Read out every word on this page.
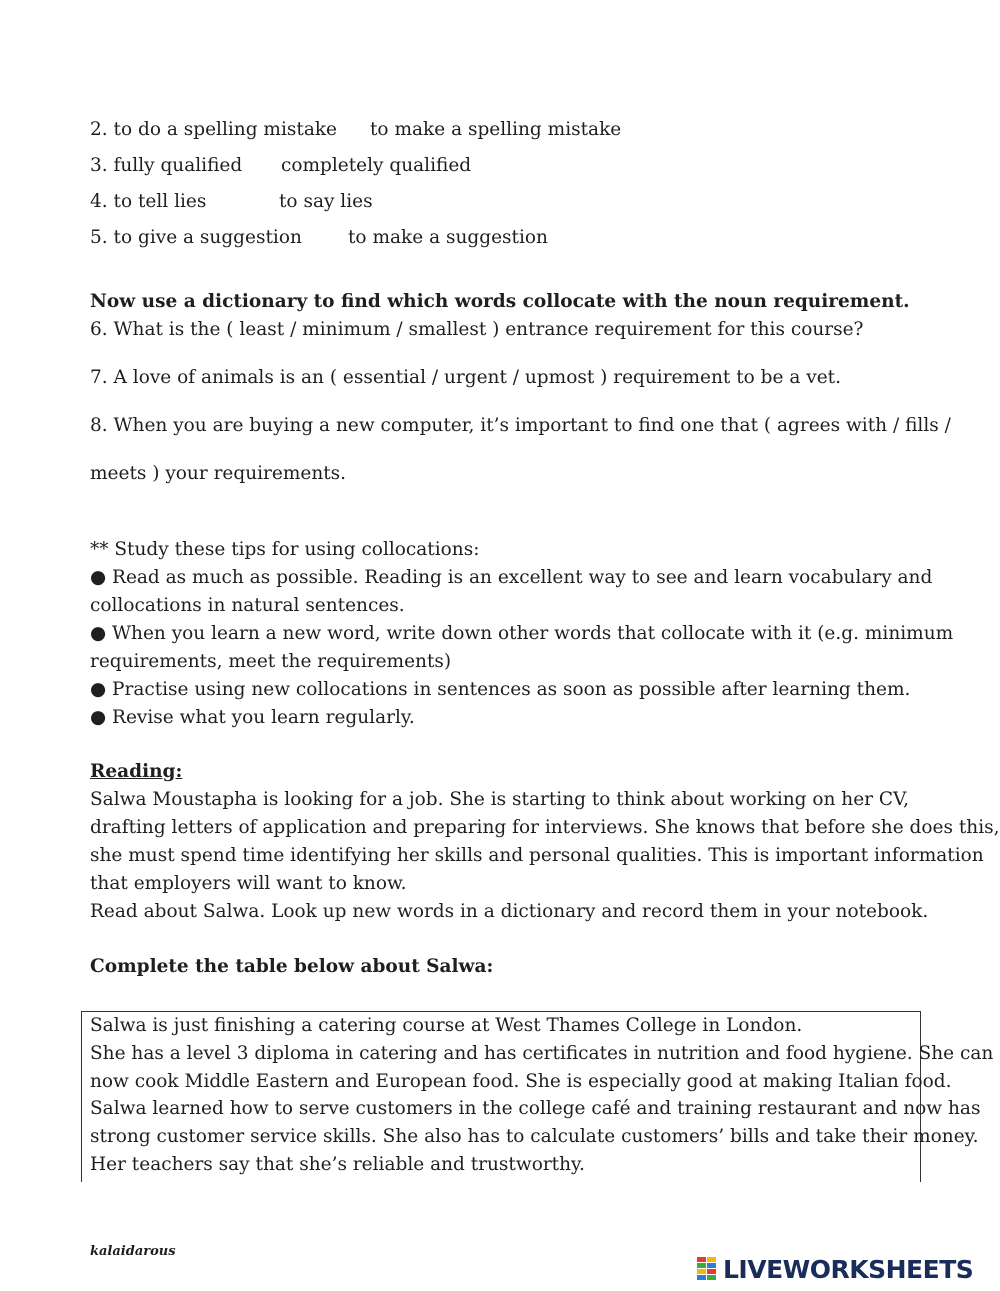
2. to do a spelling mistake to make a spelling mistake
3. fully qualified completely qualified
4. to tell lies	to say lies
5. to give a suggestion to make a suggestion
Now use a dictionary to find which words collocate with the noun requirement.
6. What is the ( least / minimum / smallest ) entrance requirement for this course?
7. A love of animals is an ( essential / urgent / upmost ) requirement to be a vet.
8. When you are buying a new computer, it’s important to find one that ( agrees with / fills /
meets ) your requirements.
** Study these tips for using collocations:
● Read as much as possible. Reading is an excellent way to see and learn vocabulary and
collocations in natural sentences.
● When you learn a new word, write down other words that collocate with it (e.g. minimum
requirements, meet the requirements)
● Practise using new collocations in sentences as soon as possible after learning them.
● Revise what you learn regularly.
Reading:
Salwa Moustapha is looking for a job. She is starting to think about working on her CV,
drafting letters of application and preparing for interviews. She knows that before she does this,
she must spend time identifying her skills and personal qualities. This is important information
that employers will want to know.
Read about Salwa. Look up new words in a dictionary and record them in your notebook.
Complete the table below about Salwa:
Salwa is just finishing a catering course at West Thames College in London.
She has a level 3 diploma in catering and has certificates in nutrition and food hygiene. She can
now cook Middle Eastern and European food. She is especially good at making Italian food.
Salwa learned how to serve customers in the college café and training restaurant and now has
strong customer service skills. She also has to calculate customers’ bills and take their money.
Her teachers say that she’s reliable and trustworthy.
kalaidarous
LIVEWORKSHEETS
